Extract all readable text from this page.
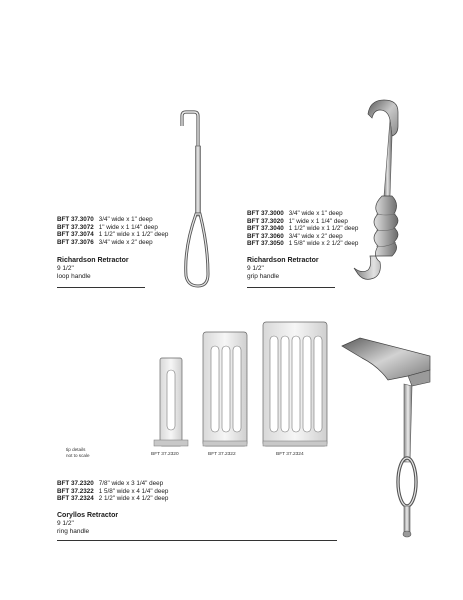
BFT 37.3070 3/4" wide x 1" deep
BFT 37.3072 1" wide x 1 1/4" deep
BFT 37.3074 1 1/2" wide x 1 1/2" deep
BFT 37.3076 3/4" wide x 2" deep
Richardson Retractor
9 1/2"
loop handle
BFT 37.3000 3/4" wide x 1" deep
BFT 37.3020 1" wide x 1 1/4" deep
BFT 37.3040 1 1/2" wide x 1 1/2" deep
BFT 37.3060 3/4" wide x 2" deep
BFT 37.3050 1 5/8" wide x 2 1/2" deep
Richardson Retractor
9 1/2"
grip handle
BFT 37.2320	BFT 37.2322	BFT 37.2324
tip details
not to scale
BFT 37.2320 7/8" wide x 3 1/4" deep
BFT 37.2322 1 5/8" wide x 4 1/4" deep
BFT 37.2324 2 1/2" wide x 4 1/2" deep
Coryllos Retractor
9 1/2"
ring handle
